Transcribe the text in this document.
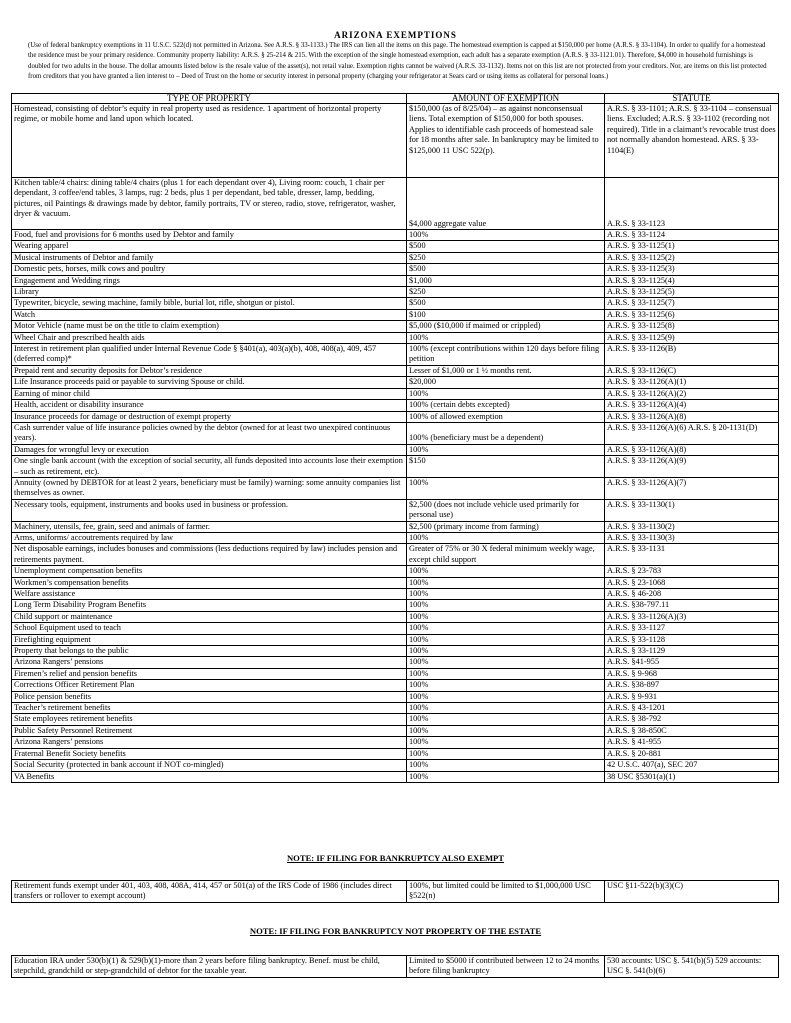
ARIZONA EXEMPTIONS
(Use of federal bankruptcy exemptions in 11 U.S.C. 522(d) not permitted in Arizona. See A.R.S. § 33-1133.) The IRS can lien all the items on this page. The homestead exemption is capped at $150,000 per home (A.R.S. § 33-1104). In order to qualify for a homestead the residence must be your primary residence. Community property liability: A.R.S. § 25-214 & 215. With the exception of the single homestead exemption, each adult has a separate exemption (A.R.S. § 33-1121.01). Therefore, $4,000 in household furnishings is doubled for two adults in the house. The dollar amounts listed below is the resale value of the asset(s), not retail value. Exemption rights cannot be waived (A.R.S. 33-1132). Items not on this list are not protected from your creditors. Nor, are items on this list protected from creditors that you have granted a lien interest to – Deed of Trust on the home or security interest in personal property (charging your refrigerator at Sears card or using items as collateral for personal loans.)
TYPE OF PROPERTY	AMOUNT OF EXEMPTION	STATUTE
Homestead, consisting of debtor’s equity in real property used as residence. 1 apartment of horizontal property regime, or mobile home and land upon which located.	$150,000 (as of 8/25/04) – as against nonconsensual liens. Total exemption of $150,000 for both spouses. Applies to identifiable cash proceeds of homestead sale for 18 months after sale. In bankruptcy may be limited to $125,000 11 USC 522(p).	A.R.S. § 33-1101; A.R.S. § 33-1104 – consensual liens. Excluded; A.R.S. § 33-1102 (recording not required). Title in a claimant’s revocable trust does not normally abandon homestead. ARS. § 33-1104(E)
Kitchen table/4 chairs: dining table/4 chairs (plus 1 for each dependant over 4), Living room: couch, 1 chair per dependant, 3 coffee/end tables, 3 lamps, rug: 2 beds, plus 1 per dependant, bed table, dresser, lamp, bedding, pictures, oil Paintings & drawings made by debtor, family portraits, TV or stereo, radio, stove, refrigerator, washer, dryer & vacuum.	$4,000 aggregate value	A.R.S. § 33-1123
Food, fuel and provisions for 6 months used by Debtor and family	100%	A.R.S. § 33-1124
Wearing apparel	$500	A.R.S. § 33-1125(1)
Musical instruments of Debtor and family	$250	A.R.S. § 33-1125(2)
Domestic pets, horses, milk cows and poultry	$500	A.R.S. § 33-1125(3)
Engagement and Wedding rings	$1,000	A.R.S. § 33-1125(4)
Library	$250	A.R.S. § 33-1125(5)
Typewriter, bicycle, sewing machine, family bible, burial lot, rifle, shotgun or pistol.	$500	A.R.S. § 33-1125(7)
Watch	$100	A.R.S. § 33-1125(6)
Motor Vehicle (name must be on the title to claim exemption)	$5,000 ($10,000 if maimed or crippled)	A.R.S. § 33-1125(8)
Wheel Chair and prescribed health aids	100%	A.R.S. § 33-1125(9)
Interest in retirement plan qualified under Internal Revenue Code § §401(a), 403(a)(b), 408, 408(a), 409, 457 (deferred comp)*	100% (except contributions within 120 days before filing petition	A.R.S. § 33-1126(B)
Prepaid rent and security deposits for Debtor’s residence	Lesser of $1,000 or 1 ½ months rent.	A.R.S. § 33-1126(C)
Life Insurance proceeds paid or payable to surviving Spouse or child.	$20,000	A.R.S. § 33-1126(A)(1)
Earning of minor child	100%	A.R.S. § 33-1126(A)(2)
Health, accident or disability insurance	100% (certain debts excepted)	A.R.S. § 33-1126(A)(4)
Insurance proceeds for damage or destruction of exempt property	100% of allowed exemption	A.R.S. § 33-1126(A)(8)
Cash surrender value of life insurance policies owned by the debtor (owned for at least two unexpired continuous years).	100% (beneficiary must be a dependent)	A.R.S. § 33-1126(A)(6) A.R.S. § 20-1131(D)
Damages for wrongful levy or execution	100%	A.R.S. § 33-1126(A)(8)
One single bank account (with the exception of social security, all funds deposited into accounts lose their exemption – such as retirement, etc).	$150	A.R.S. § 33-1126(A)(9)
Annuity (owned by DEBTOR for at least 2 years, beneficiary must be family) warning: some annuity companies list themselves as owner.	100%	A.R.S. § 33-1126(A)(7)
Necessary tools, equipment, instruments and books used in business or profession.	$2,500 (does not include vehicle used primarily for personal use)	A.R.S. § 33-1130(1)
Machinery, utensils, fee, grain, seed and animals of farmer.	$2,500 (primary income from farming)	A.R.S. § 33-1130(2)
Arms, uniforms/ accoutrements required by law	100%	A.R.S. § 33-1130(3)
Net disposable earnings, includes bonuses and commissions (less deductions required by law) includes pension and retirements payment.	Greater of 75% or 30 X federal minimum weekly wage, except child support	A.R.S. § 33-1131
Unemployment compensation benefits	100%	A.R.S. § 23-783
Workmen’s compensation benefits	100%	A.R.S. § 23-1068
Welfare assistance	100%	A.R.S. § 46-208
Long Term Disability Program Benefits	100%	A.R.S. §38-797.11
Child support or maintenance	100%	A.R.S. § 33-1126(A)(3)
School Equipment used to teach	100%	A.R.S. § 33-1127
Firefighting equipment	100%	A.R.S. § 33-1128
Property that belongs to the public	100%	A.R.S. § 33-1129
Arizona Rangers’ pensions	100%	A.R.S. §41-955
Firemen’s relief and pension benefits	100%	A.R.S. § 9-968
Corrections Officer Retirement Plan	100%	A.R.S. §38-897
Police pension benefits	100%	A.R.S. § 9-931
Teacher’s retirement benefits	100%	A.R.S. § 43-1201
State employees retirement benefits	100%	A.R.S. § 38-792
Public Safety Personnel Retirement	100%	A.R.S. § 38-850C
Arizona Rangers’ pensions	100%	A.R.S. § 41-955
Fraternal Benefit Society benefits	100%	A.R.S. § 20-881
Social Security (protected in bank account if NOT co-mingled)	100%	42 U.S.C. 407(a), SEC 207
VA Benefits	100%	38 USC §5301(a)(1)
NOTE: IF FILING FOR BANKRUPTCY ALSO EXEMPT
Retirement funds exempt under 401, 403, 408, 408A, 414, 457 or 501(a) of the IRS Code of 1986 (includes direct transfers or rollover to exempt account)	100%, but limited could be limited to $1,000,000 USC §522(n)	USC §11-522(b)(3)(C)
NOTE: IF FILING FOR BANKRUPTCY NOT PROPERTY OF THE ESTATE
Education IRA under 530(b)(1) & 529(b)(1)-more than 2 years before filing bankruptcy. Benef. must be child, stepchild, grandchild or step-grandchild of debtor for the taxable year.	Limited to $5000 if contributed between 12 to 24 months before filing bankruptcy	530 accounts: USC §. 541(b)(5) 529 accounts: USC §. 541(b)(6)
